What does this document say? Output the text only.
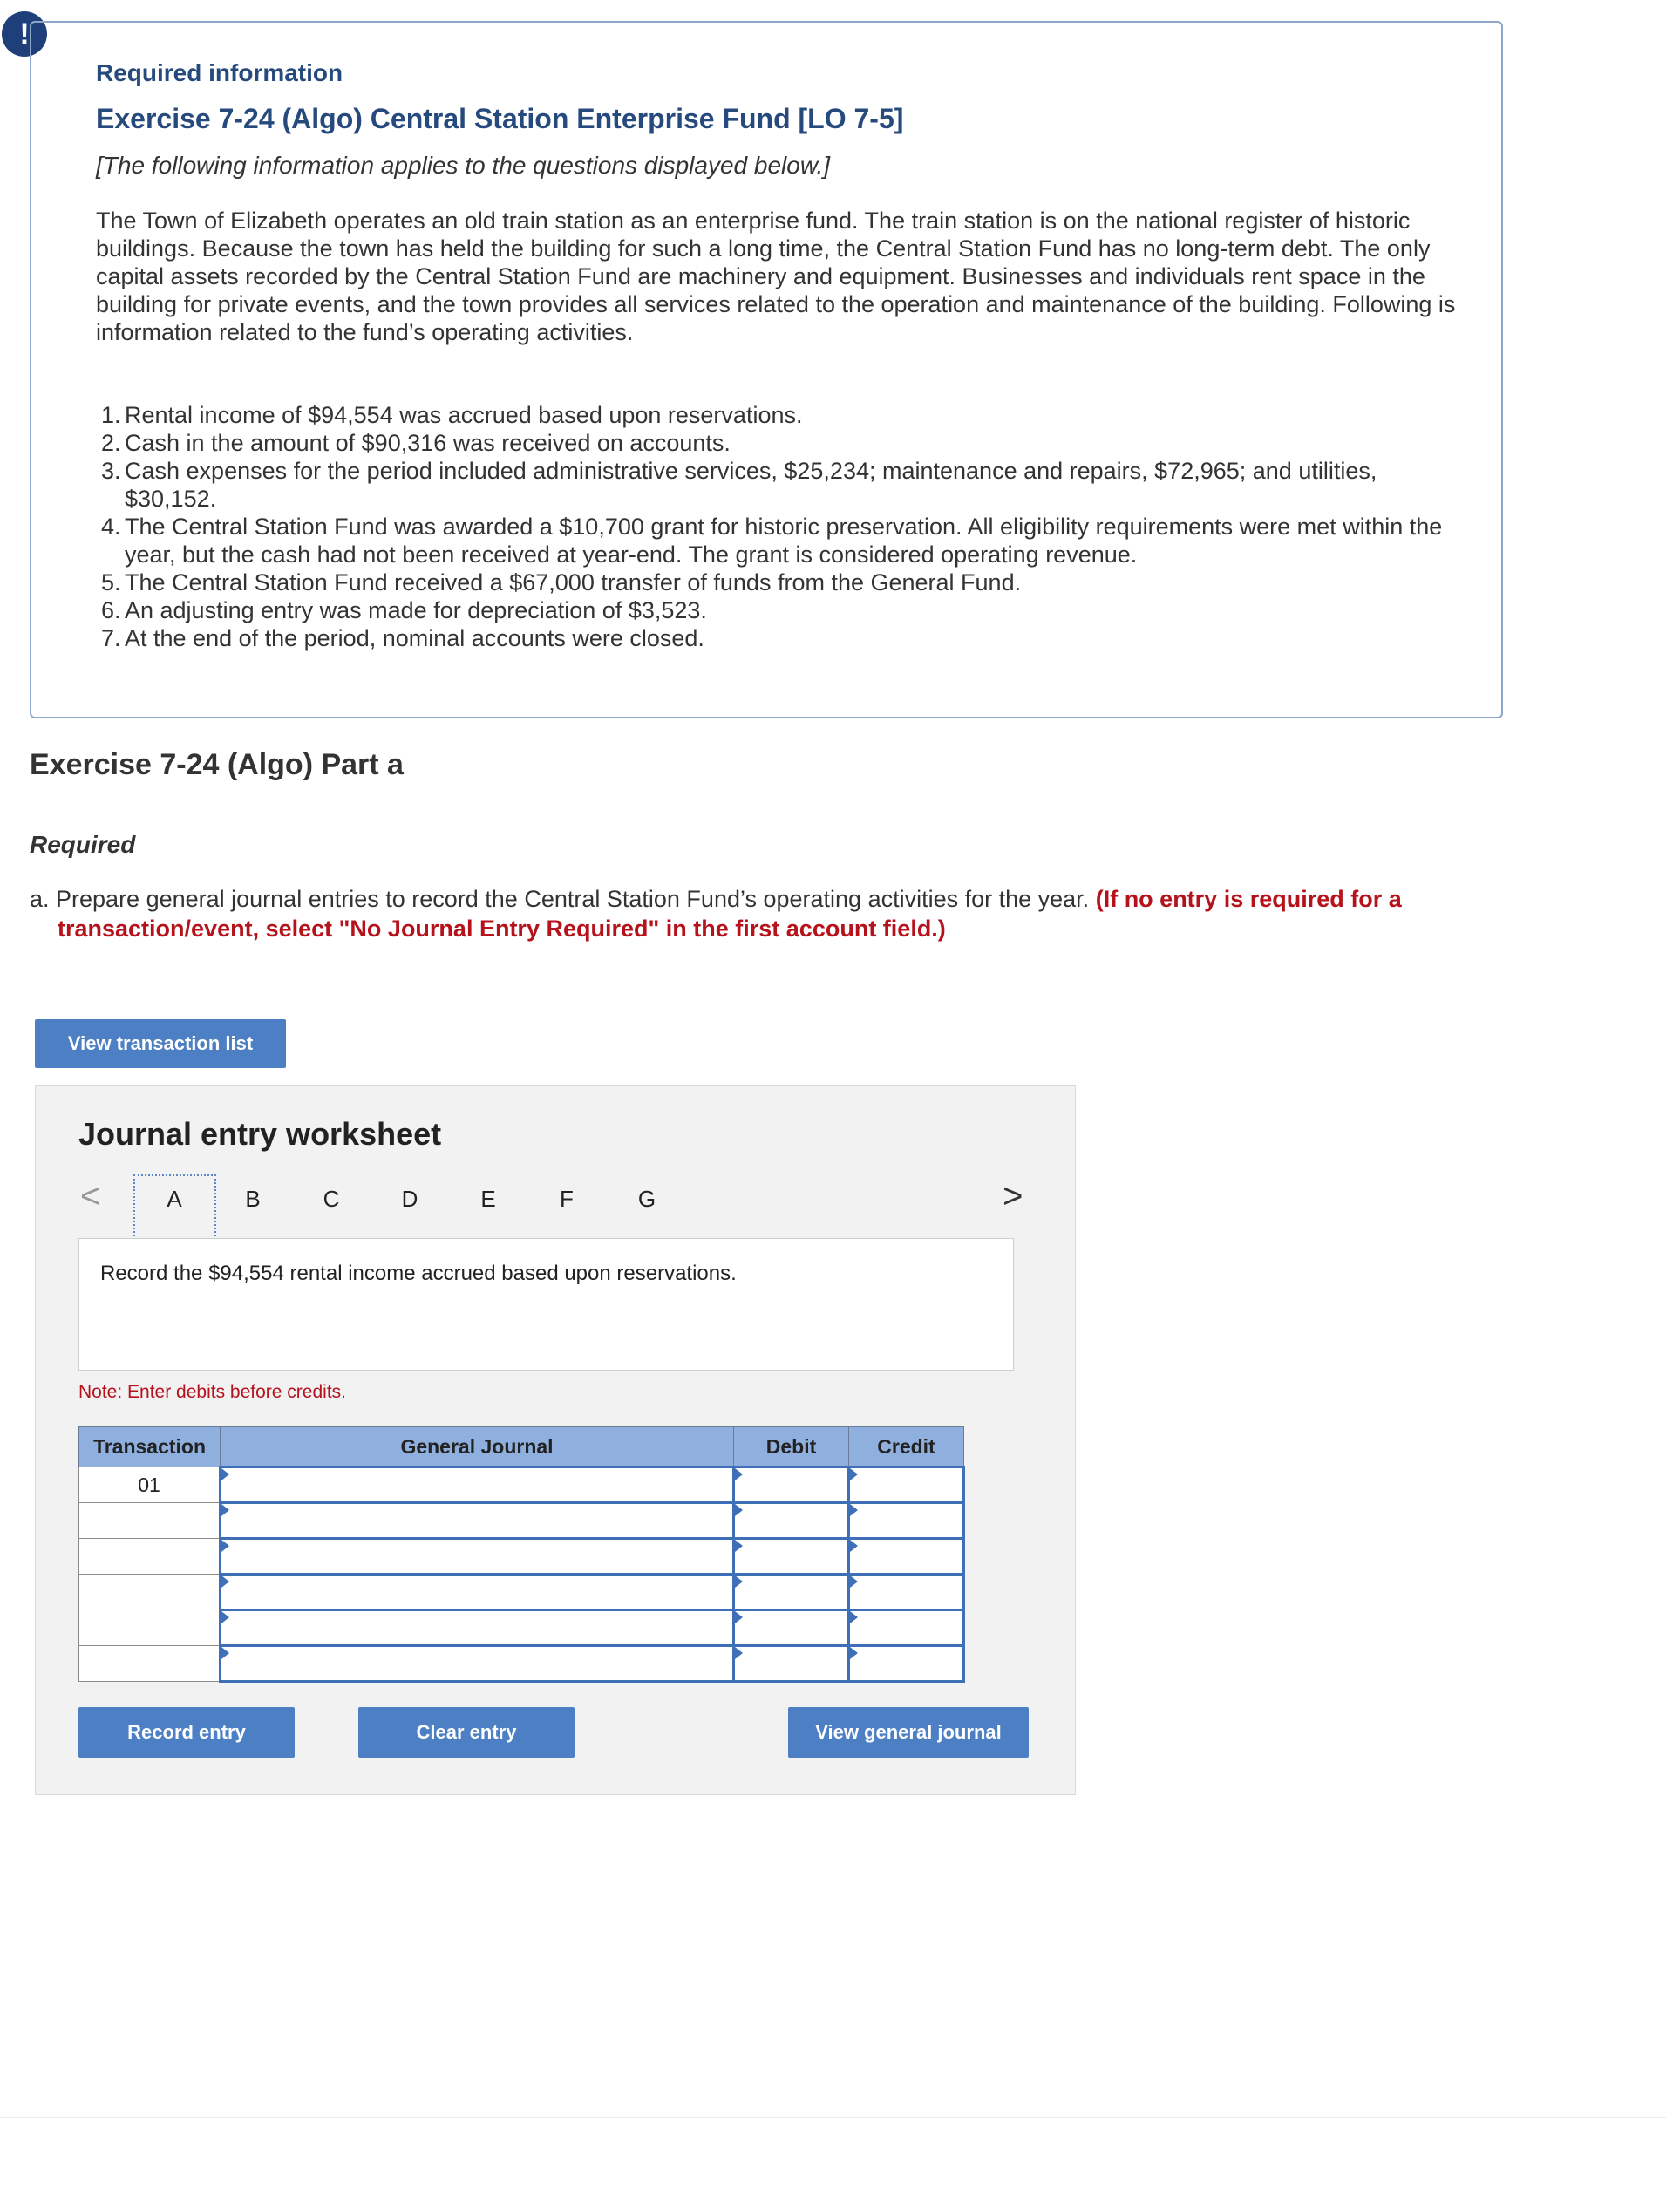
!
Required information
Exercise 7-24 (Algo) Central Station Enterprise Fund [LO 7-5]
[The following information applies to the questions displayed below.]

The Town of Elizabeth operates an old train station as an enterprise fund. The train station is on the national register of historic buildings. Because the town has held the building for such a long time, the Central Station Fund has no long-term debt. The only capital assets recorded by the Central Station Fund are machinery and equipment. Businesses and individuals rent space in the building for private events, and the town provides all services related to the operation and maintenance of the building. Following is information related to the fund’s operating activities.

1. Rental income of $94,554 was accrued based upon reservations.
2. Cash in the amount of $90,316 was received on accounts.
3. Cash expenses for the period included administrative services, $25,234; maintenance and repairs, $72,965; and utilities, $30,152.
4. The Central Station Fund was awarded a $10,700 grant for historic preservation. All eligibility requirements were met within the year, but the cash had not been received at year-end. The grant is considered operating revenue.
5. The Central Station Fund received a $67,000 transfer of funds from the General Fund.
6. An adjusting entry was made for depreciation of $3,523.
7. At the end of the period, nominal accounts were closed.
Exercise 7-24 (Algo) Part a
Required

a. Prepare general journal entries to record the Central Station Fund’s operating activities for the year. (If no entry is required for a transaction/event, select "No Journal Entry Required" in the first account field.)

View transaction list
Journal entry worksheet
<	A	B	C	D	E	F	G	>
Record the $94,554 rental income accrued based upon reservations.
Note: Enter debits before credits.
Transaction	General Journal	Debit	Credit
01			

Record entry	Clear entry	View general journal
